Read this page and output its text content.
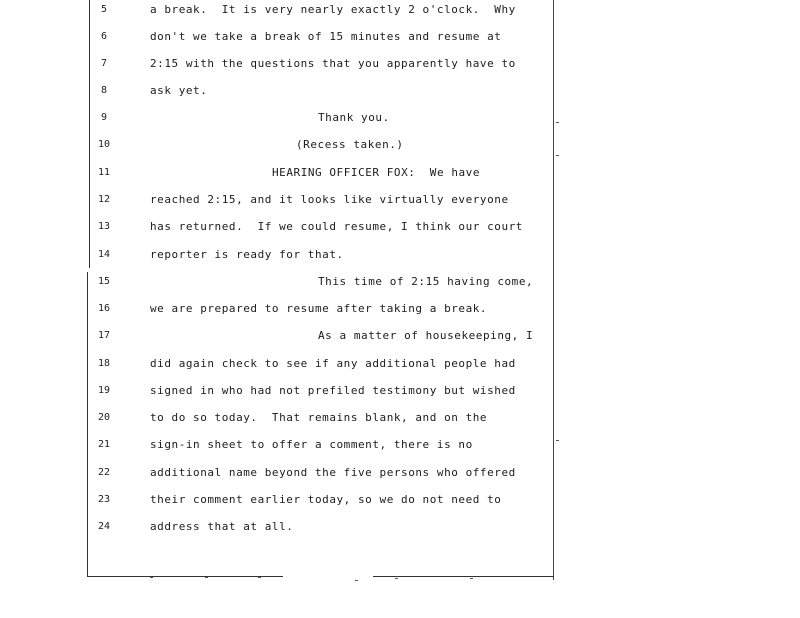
5	a break.  It is very nearly exactly 2 o'clock.  Why
6	don't we take a break of 15 minutes and resume at
7	2:15 with the questions that you apparently have to
8	ask yet.
9	Thank you.
10	(Recess taken.)
11	HEARING OFFICER FOX:  We have
12	reached 2:15, and it looks like virtually everyone
13	has returned.  If we could resume, I think our court
14	reporter is ready for that.
15	This time of 2:15 having come,
16	we are prepared to resume after taking a break.
17	As a matter of housekeeping, I
18	did again check to see if any additional people had
19	signed in who had not prefiled testimony but wished
20	to do so today.  That remains blank, and on the
21	sign-in sheet to offer a comment, there is no
22	additional name beyond the five persons who offered
23	their comment earlier today, so we do not need to
24	address that at all.
